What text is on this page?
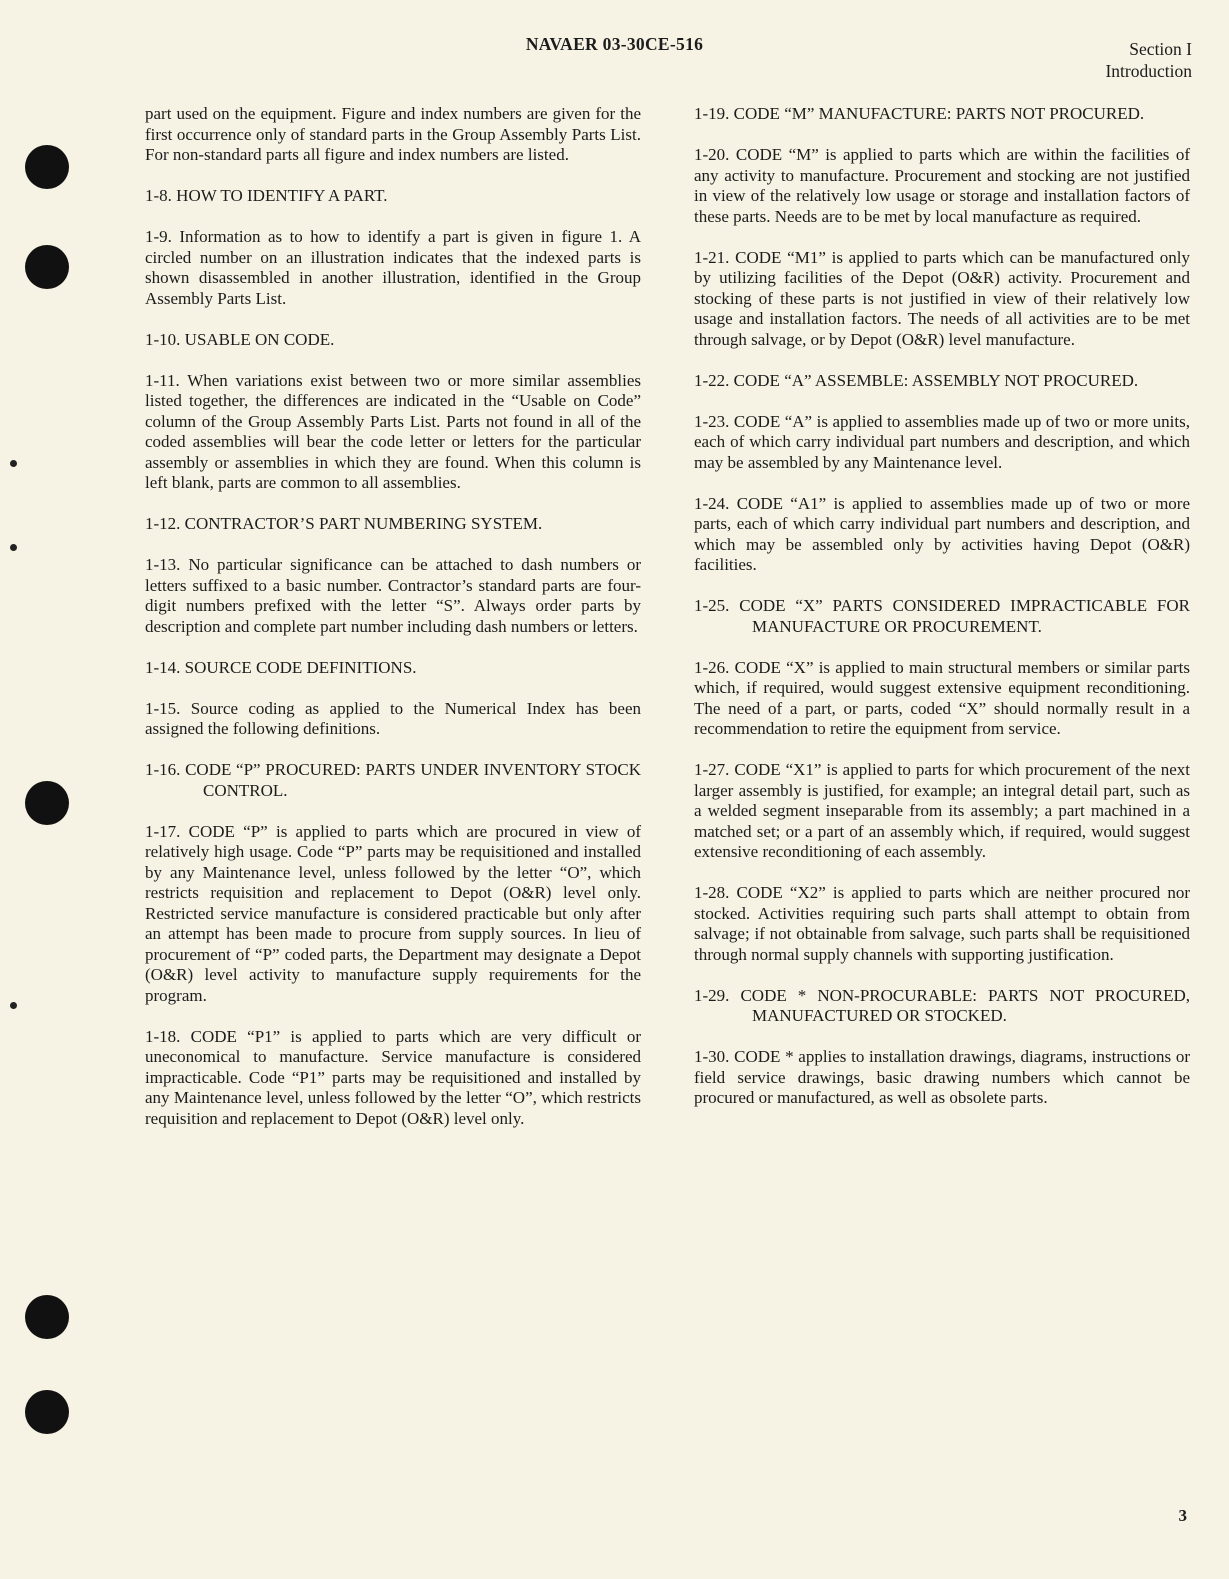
NAVAER 03-30CE-516	Section I
Introduction

part used on the equipment. Figure and index numbers are given for the first occurrence only of standard parts in the Group Assembly Parts List. For non-standard parts all figure and index numbers are listed.

1-8. HOW TO IDENTIFY A PART.

1-9. Information as to how to identify a part is given in figure 1. A circled number on an illustration indicates that the indexed parts is shown disassembled in another illustration, identified in the Group Assembly Parts List.

1-10. USABLE ON CODE.

1-11. When variations exist between two or more similar assemblies listed together, the differences are indicated in the “Usable on Code” column of the Group Assembly Parts List. Parts not found in all of the coded assemblies will bear the code letter or letters for the particular assembly or assemblies in which they are found. When this column is left blank, parts are common to all assemblies.

1-12. CONTRACTOR’S PART NUMBERING SYSTEM.

1-13. No particular significance can be attached to dash numbers or letters suffixed to a basic number. Contractor’s standard parts are four-digit numbers prefixed with the letter “S”. Always order parts by description and complete part number including dash numbers or letters.

1-14. SOURCE CODE DEFINITIONS.

1-15. Source coding as applied to the Numerical Index has been assigned the following definitions.

1-16. CODE “P” PROCURED: PARTS UNDER INVENTORY STOCK CONTROL.

1-17. CODE “P” is applied to parts which are procured in view of relatively high usage. Code “P” parts may be requisitioned and installed by any Maintenance level, unless followed by the letter “O”, which restricts requisition and replacement to Depot (O&R) level only. Restricted service manufacture is considered practicable but only after an attempt has been made to procure from supply sources. In lieu of procurement of “P” coded parts, the Department may designate a Depot (O&R) level activity to manufacture supply requirements for the program.

1-18. CODE “P1” is applied to parts which are very difficult or uneconomical to manufacture. Service manufacture is considered impracticable. Code “P1” parts may be requisitioned and installed by any Maintenance level, unless followed by the letter “O”, which restricts requisition and replacement to Depot (O&R) level only.

1-19. CODE “M” MANUFACTURE: PARTS NOT PROCURED.

1-20. CODE “M” is applied to parts which are within the facilities of any activity to manufacture. Procurement and stocking are not justified in view of the relatively low usage or storage and installation factors of these parts. Needs are to be met by local manufacture as required.

1-21. CODE “M1” is applied to parts which can be manufactured only by utilizing facilities of the Depot (O&R) activity. Procurement and stocking of these parts is not justified in view of their relatively low usage and installation factors. The needs of all activities are to be met through salvage, or by Depot (O&R) level manufacture.

1-22. CODE “A” ASSEMBLE: ASSEMBLY NOT PROCURED.

1-23. CODE “A” is applied to assemblies made up of two or more units, each of which carry individual part numbers and description, and which may be assembled by any Maintenance level.

1-24. CODE “A1” is applied to assemblies made up of two or more parts, each of which carry individual part numbers and description, and which may be assembled only by activities having Depot (O&R) facilities.

1-25. CODE “X” PARTS CONSIDERED IMPRACTICABLE FOR MANUFACTURE OR PROCUREMENT.

1-26. CODE “X” is applied to main structural members or similar parts which, if required, would suggest extensive equipment reconditioning. The need of a part, or parts, coded “X” should normally result in a recommendation to retire the equipment from service.

1-27. CODE “X1” is applied to parts for which procurement of the next larger assembly is justified, for example; an integral detail part, such as a welded segment inseparable from its assembly; a part machined in a matched set; or a part of an assembly which, if required, would suggest extensive reconditioning of each assembly.

1-28. CODE “X2” is applied to parts which are neither procured nor stocked. Activities requiring such parts shall attempt to obtain from salvage; if not obtainable from salvage, such parts shall be requisitioned through normal supply channels with supporting justification.

1-29. CODE * NON-PROCURABLE: PARTS NOT PROCURED, MANUFACTURED OR STOCKED.

1-30. CODE * applies to installation drawings, diagrams, instructions or field service drawings, basic drawing numbers which cannot be procured or manufactured, as well as obsolete parts.

3
